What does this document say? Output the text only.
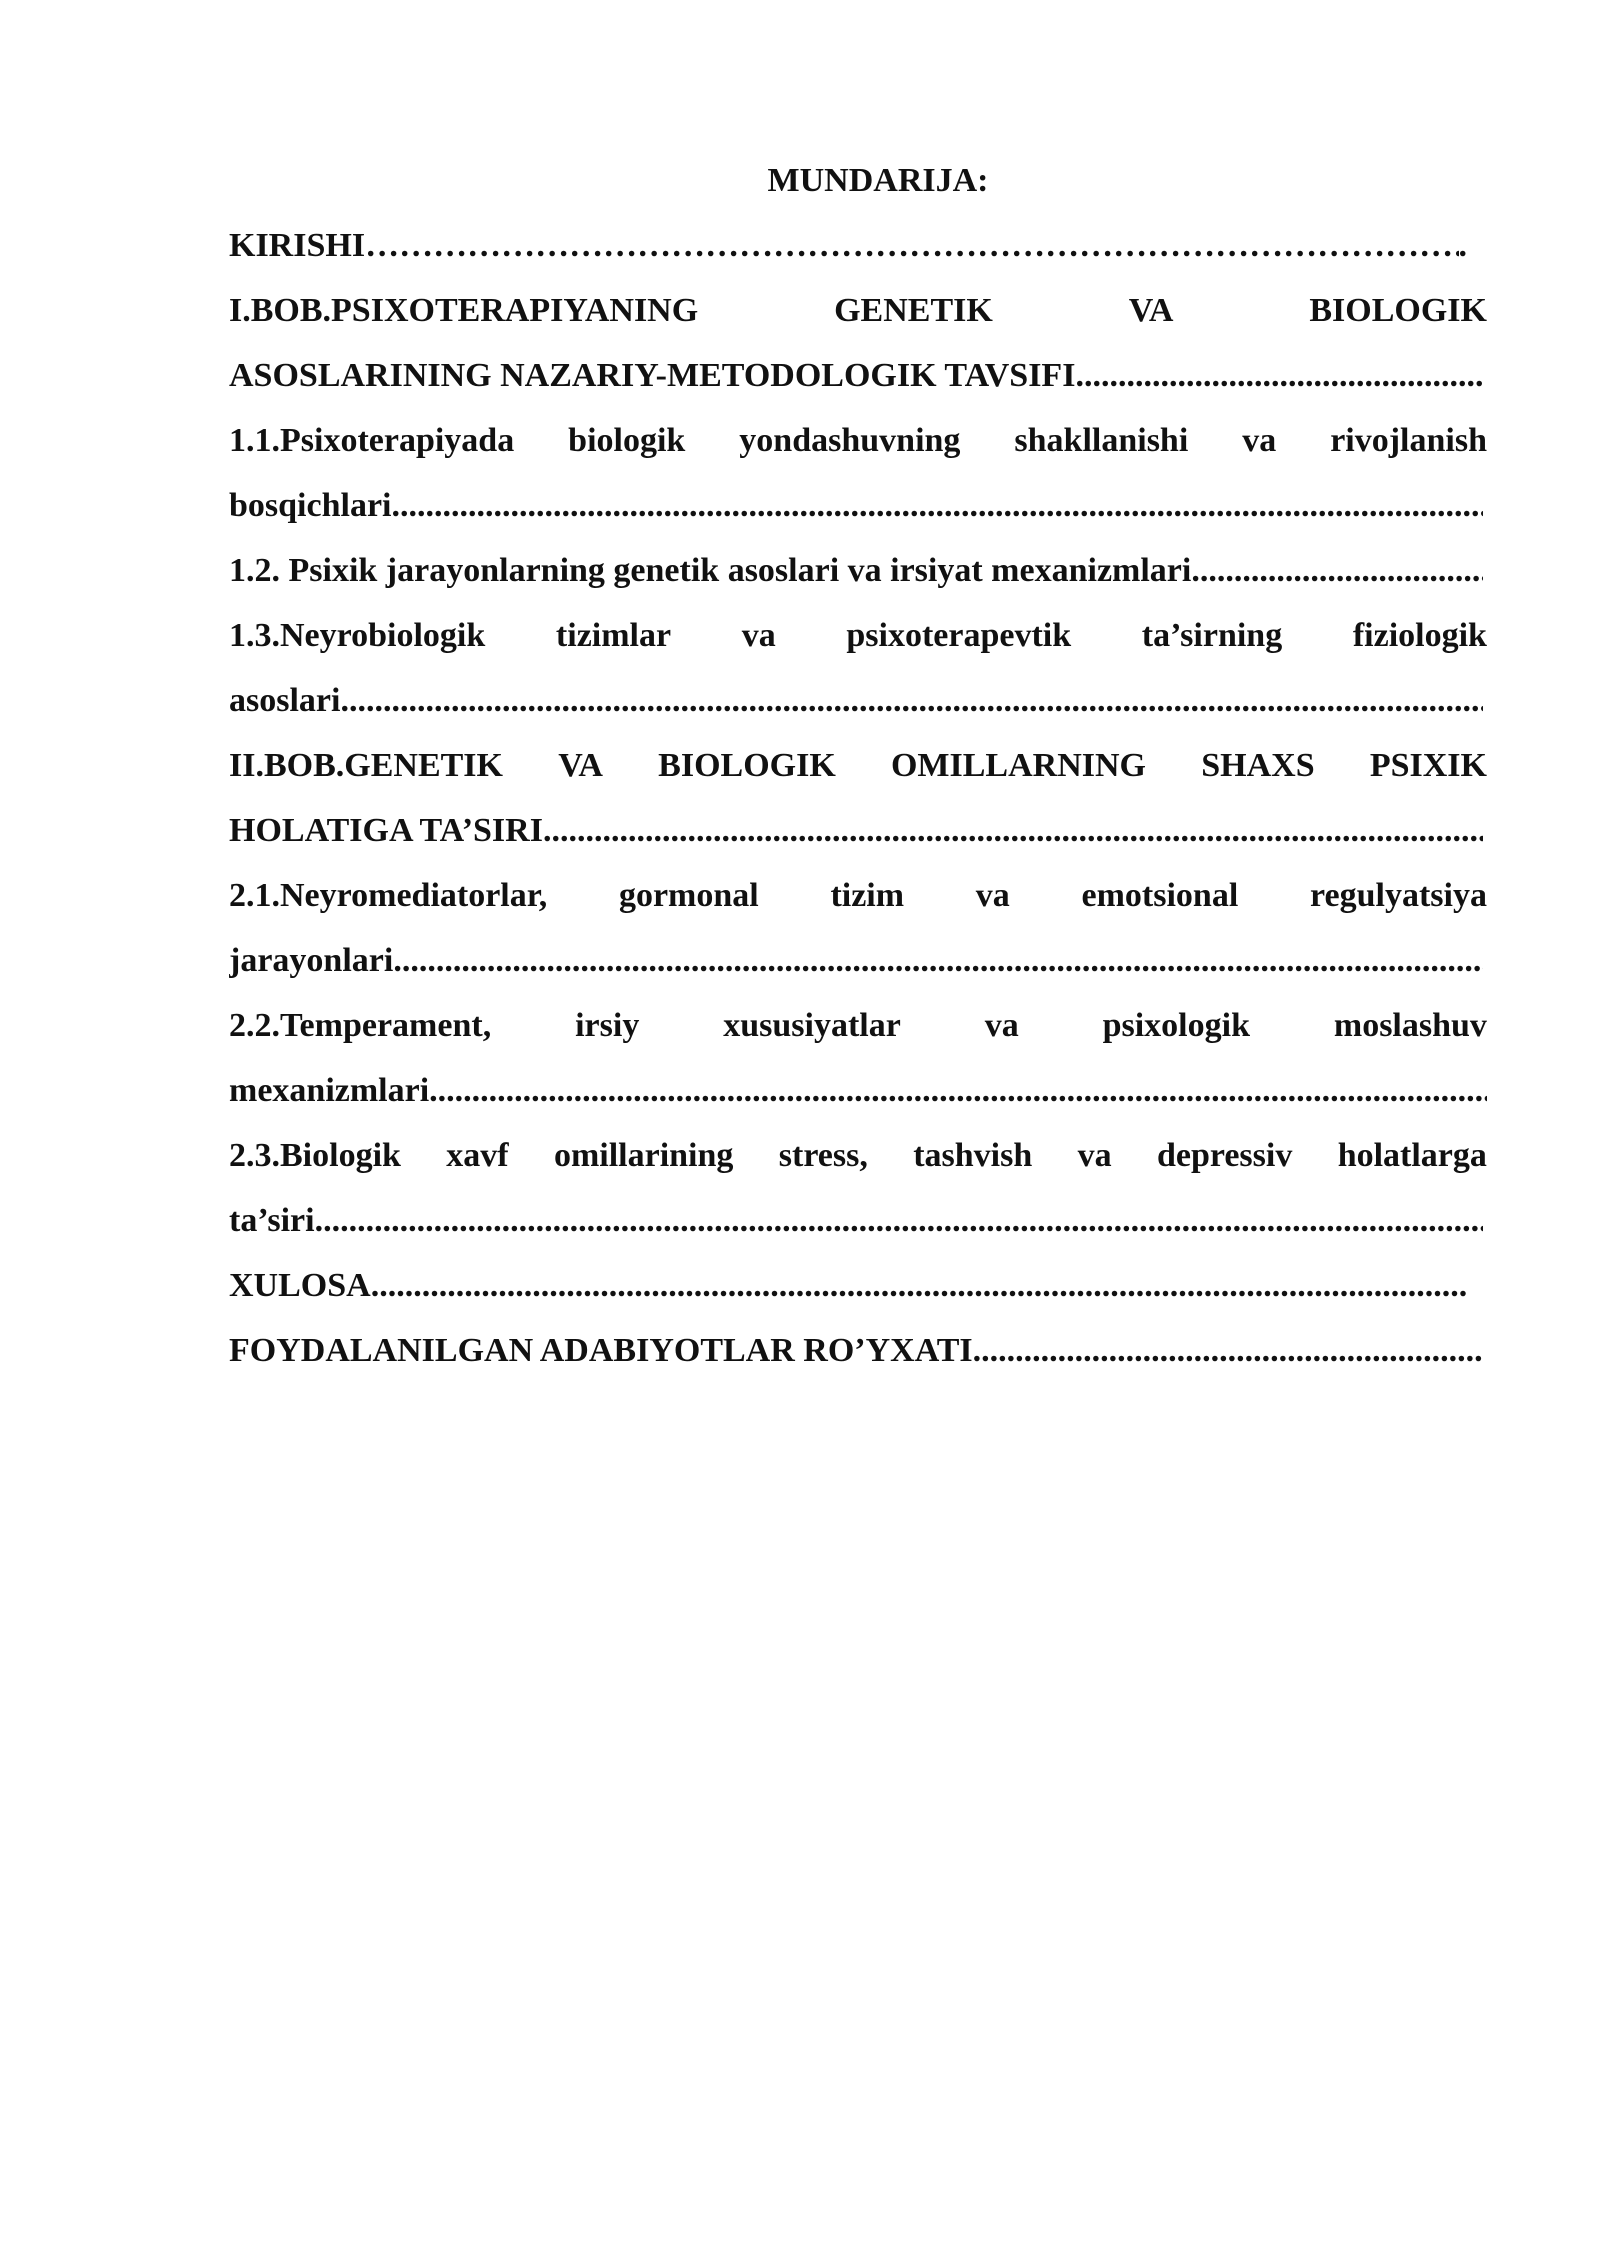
MUNDARIJA:
KIRISHI
………………………………………………………………………………………………………………………………………………………………………………	.
I.BOB.PSIXOTERAPIYANING	GENETIK	VA	BIOLOGIK
ASOSLARINING NAZARIY-METODOLOGIK TAVSIFI
.....
1.1.Psixoterapiyada biologik yondashuvning shakllanishi va rivojlanish
bosqichlari
.....
1.2. Psixik jarayonlarning genetik asoslari va irsiyat mexanizmlari
.....
1.3.Neyrobiologik tizimlar va psixoterapevtik ta’sirning fiziologik
asoslari
.....
II.BOB.GENETIK VA BIOLOGIK OMILLARNING SHAXS PSIXIK
HOLATIGA TA’SIRI
.....
2.1.Neyromediatorlar, gormonal tizim va emotsional regulyatsiya
jarayonlari
.....
2.2.Temperament, irsiy xususiyatlar va psixologik moslashuv
mexanizmlari
.....
2.3.Biologik xavf omillarining stress, tashvish va depressiv holatlarga
ta’siri
.....
XULOSA
.....
FOYDALANILGAN ADABIYOTLAR RO’YXATI
.....
